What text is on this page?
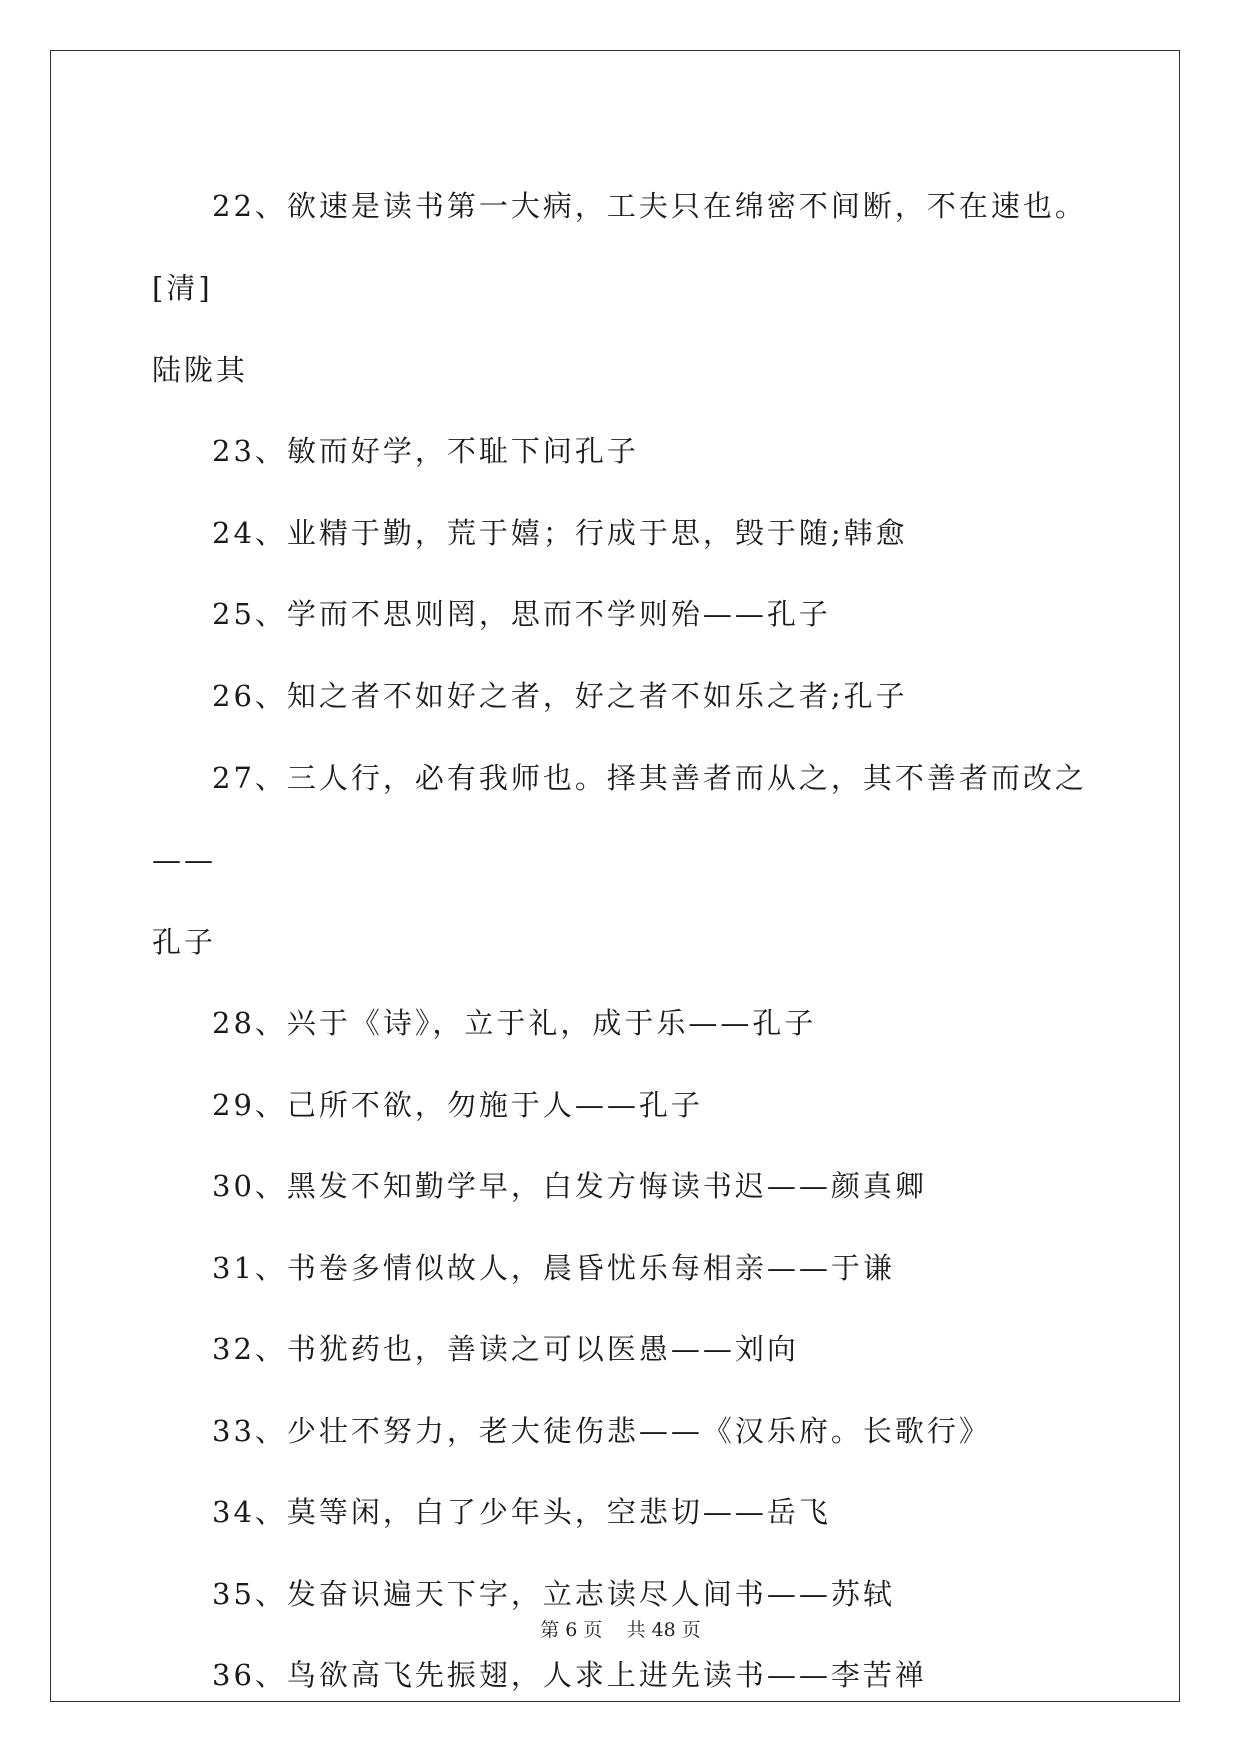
22、欲速是读书第一大病，工夫只在绵密不间断，不在速也。[清]
陆陇其

23、敏而好学，不耻下问孔子

24、业精于勤，荒于嬉；行成于思，毁于随;韩愈

25、学而不思则罔，思而不学则殆——孔子

26、知之者不如好之者，好之者不如乐之者;孔子

27、三人行，必有我师也。择其善者而从之，其不善者而改之——
孔子

28、兴于《诗》，立于礼，成于乐——孔子

29、己所不欲，勿施于人——孔子

30、黑发不知勤学早，白发方悔读书迟——颜真卿

31、书卷多情似故人，晨昏忧乐每相亲——于谦

32、书犹药也，善读之可以医愚——刘向

33、少壮不努力，老大徒伤悲——《汉乐府。长歌行》

34、莫等闲，白了少年头，空悲切——岳飞

35、发奋识遍天下字，立志读尽人间书——苏轼

36、鸟欲高飞先振翅，人求上进先读书——李苦禅

第 6 页    共 48 页
